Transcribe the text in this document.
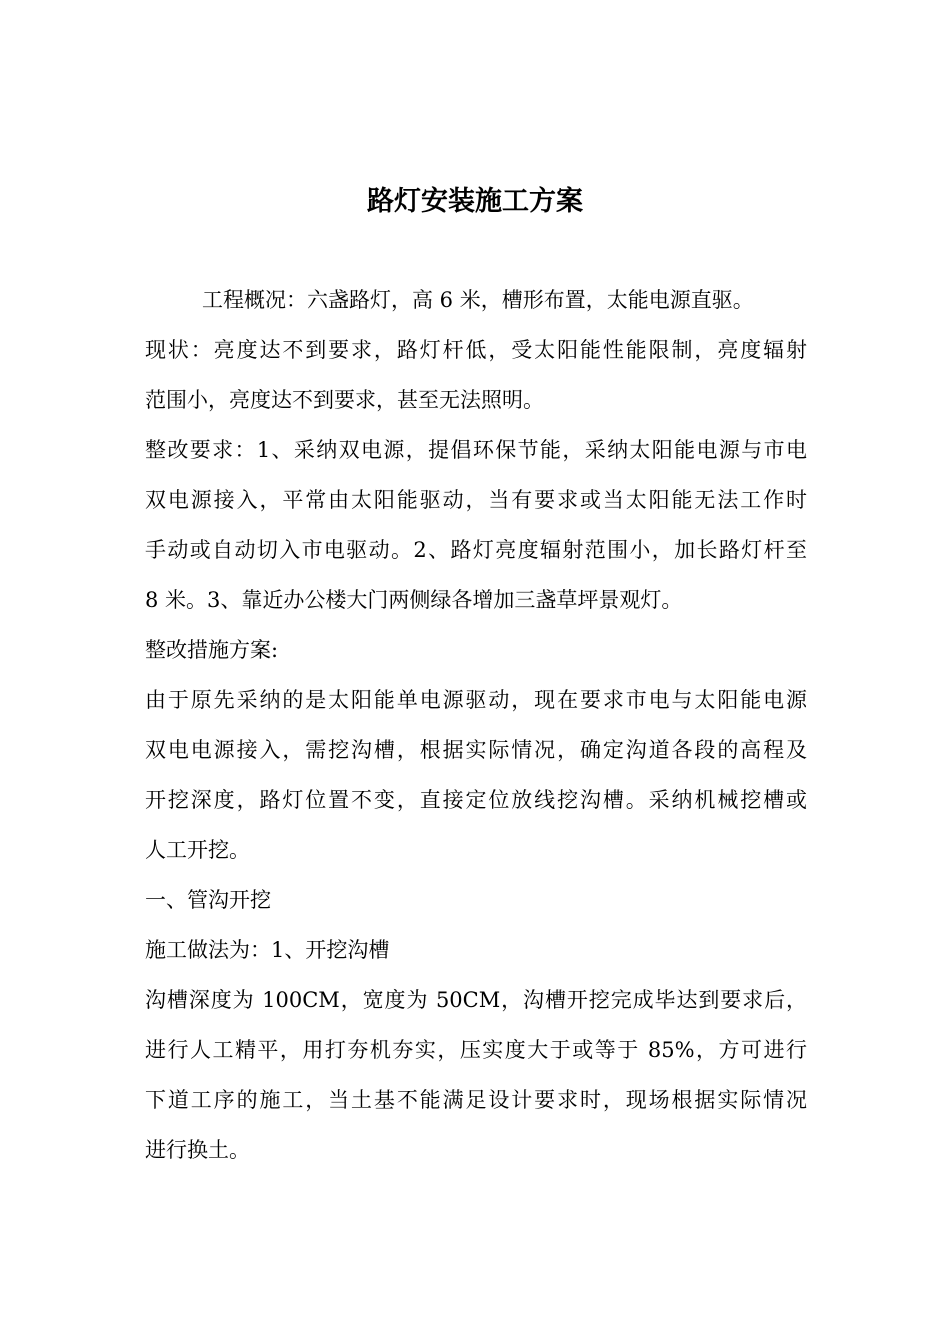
路灯安装施工方案
工程概况：六盏路灯，高 6 米，槽形布置，太能电源直驱。
现状：亮度达不到要求，路灯杆低，受太阳能性能限制，亮度辐射
范围小，亮度达不到要求，甚至无法照明。
整改要求：1、采纳双电源，提倡环保节能，采纳太阳能电源与市电
双电源接入，平常由太阳能驱动，当有要求或当太阳能无法工作时
手动或自动切入市电驱动。2、路灯亮度辐射范围小，加长路灯杆至
8 米。3、靠近办公楼大门两侧绿各增加三盏草坪景观灯。
整改措施方案:
由于原先采纳的是太阳能单电源驱动，现在要求市电与太阳能电源
双电电源接入，需挖沟槽，根据实际情况，确定沟道各段的高程及
开挖深度，路灯位置不变，直接定位放线挖沟槽。采纳机械挖槽或
人工开挖。
一、管沟开挖
施工做法为：1、开挖沟槽
沟槽深度为 100CM，宽度为 50CM，沟槽开挖完成毕达到要求后，
进行人工精平，用打夯机夯实，压实度大于或等于 85%，方可进行
下道工序的施工，当土基不能满足设计要求时，现场根据实际情况
进行换土。
